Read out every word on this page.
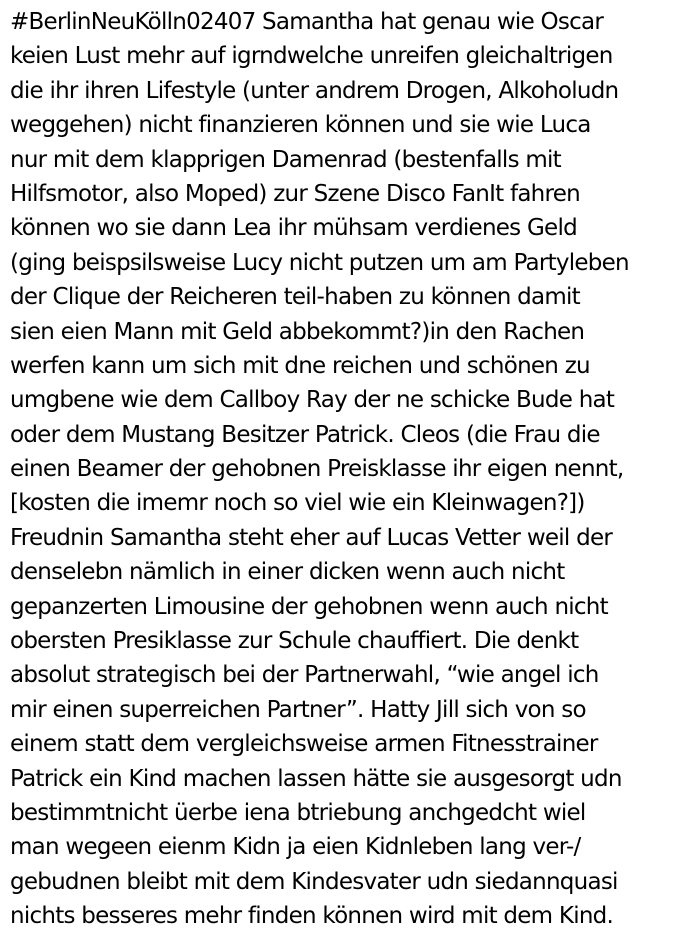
#BerlinNeuKölln02407 Samantha hat genau wie Oscar
keien Lust mehr auf igrndwelche unreifen gleichaltrigen
die ihr ihren Lifestyle (unter andrem Drogen, Alkoholudn
weggehen) nicht finanzieren können und sie wie Luca
nur mit dem klapprigen Damenrad (bestenfalls mit
Hilfsmotor, also Moped) zur Szene Disco FanIt fahren
können wo sie dann Lea ihr mühsam verdienes Geld
(ging beispsilsweise Lucy nicht putzen um am Partyleben
der Clique der Reicheren teil-haben zu können damit
sien eien Mann mit Geld abbekommt?)in den Rachen
werfen kann um sich mit dne reichen und schönen zu
umgbene wie dem Callboy Ray der ne schicke Bude hat
oder dem Mustang Besitzer Patrick. Cleos (die Frau die
einen Beamer der gehobnen Preisklasse ihr eigen nennt,
[kosten die imemr noch so viel wie ein Kleinwagen?])
Freudnin Samantha steht eher auf Lucas Vetter weil der
denselebn nämlich in einer dicken wenn auch nicht
gepanzerten Limousine der gehobnen wenn auch nicht
obersten Presiklasse zur Schule chauffiert. Die denkt
absolut strategisch bei der Partnerwahl, “wie angel ich
mir einen superreichen Partner”. Hatty Jill sich von so
einem statt dem vergleichsweise armen Fitnesstrainer
Patrick ein Kind machen lassen hätte sie ausgesorgt udn
bestimmtnicht üerbe iena btriebung anchgedcht wiel
man wegeen eienm Kidn ja eien Kidnleben lang ver-/
gebudnen bleibt mit dem Kindesvater udn siedannquasi
nichts besseres mehr finden können wird mit dem Kind.
